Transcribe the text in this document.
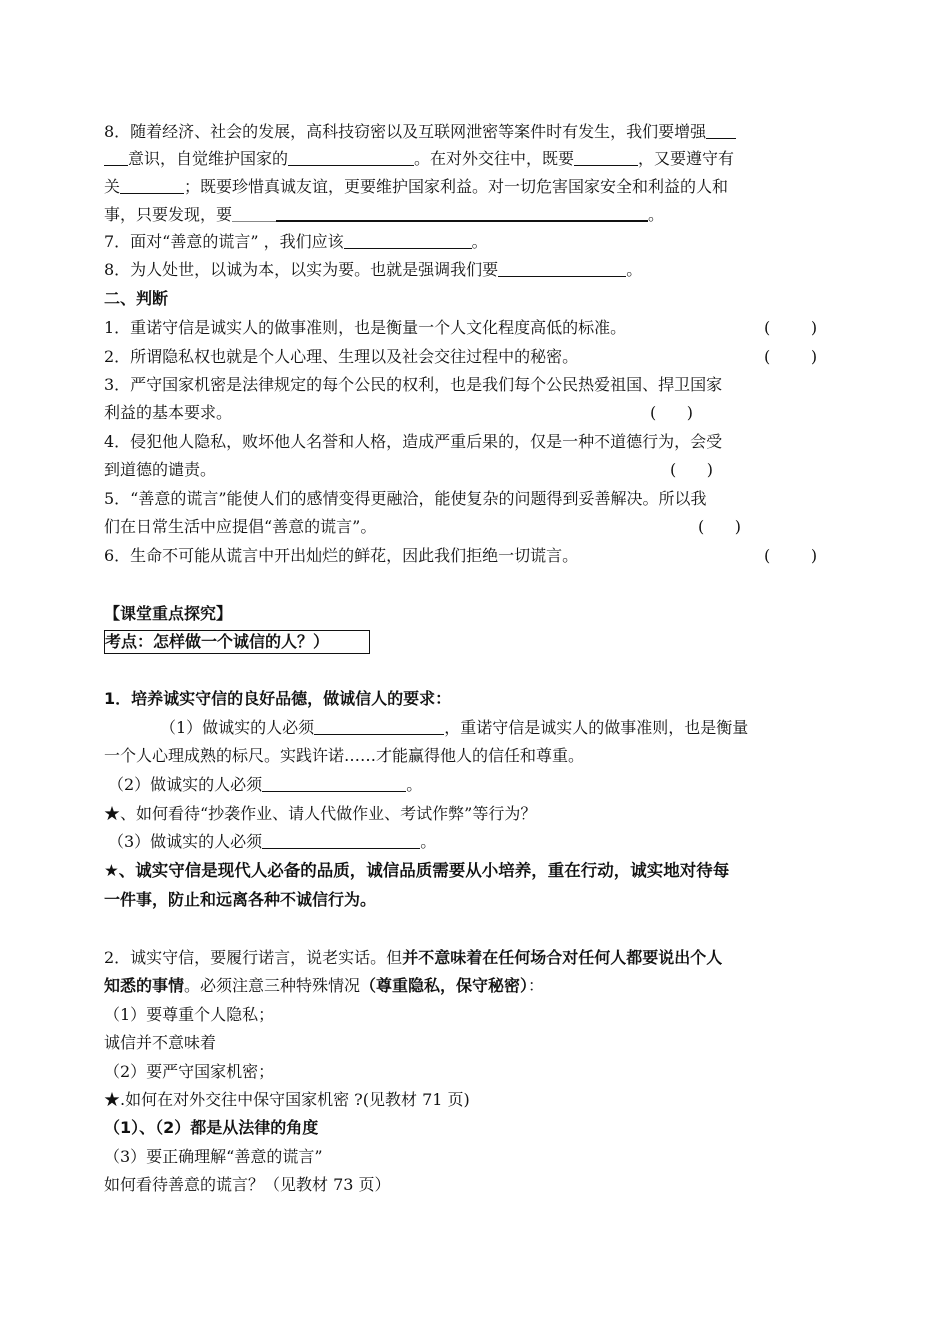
8．随着经济、社会的发展，高科技窃密以及互联网泄密等案件时有发生，我们要增强
意识，自觉维护国家的	。在对外交往中，既要	，又要遵守有
关	；既要珍惜真诚友谊，更要维护国家利益。对一切危害国家安全和利益的人和
事，只要发现，要	。
7．面对“善意的谎言” ，我们应该	。
8．为人处世，以诚为本，以实为要。也就是强调我们要	。
二、判断
1．重诺守信是诚实人的做事准则，也是衡量一个人文化程度高低的标准。	(        )
2．所谓隐私权也就是个人心理、生理以及社会交往过程中的秘密。	(        )
3．严守国家机密是法律规定的每个公民的权利，也是我们每个公民热爱祖国、捍卫国家
利益的基本要求。	(      )
4．侵犯他人隐私，败坏他人名誉和人格，造成严重后果的，仅是一种不道德行为，会受
到道德的谴责。	(      )
5．“善意的谎言”能使人们的感情变得更融洽，能使复杂的问题得到妥善解决。所以我
们在日常生活中应提倡“善意的谎言”。	(      )
6．生命不可能从谎言中开出灿烂的鲜花，因此我们拒绝一切谎言。	(        )
【课堂重点探究】
考点：怎样做一个诚信的人？）
1．培养诚实守信的良好品德，做诚信人的要求：
（1）做诚实的人必须	，重诺守信是诚实人的做事准则，也是衡量
一个人心理成熟的标尺。实践许诺……才能赢得他人的信任和尊重。
（2）做诚实的人必须	。
★、如何看待“抄袭作业、请人代做作业、考试作弊”等行为？
（3）做诚实的人必须	。
★、诚实守信是现代人必备的品质，诚信品质需要从小培养，重在行动，诚实地对待每
一件事，防止和远离各种不诚信行为。
2．诚实守信，要履行诺言，说老实话。但并不意味着在任何场合对任何人都要说出个人
知悉的事情。必须注意三种特殊情况（尊重隐私，保守秘密）：
（1）要尊重个人隐私；
诚信并不意味着
（2）要严守国家机密；
★.如何在对外交往中保守国家机密 ?(见教材 71 页)
（1）、（2）都是从法律的角度
（3）要正确理解“善意的谎言”
如何看待善意的谎言？（见教材 73 页）
